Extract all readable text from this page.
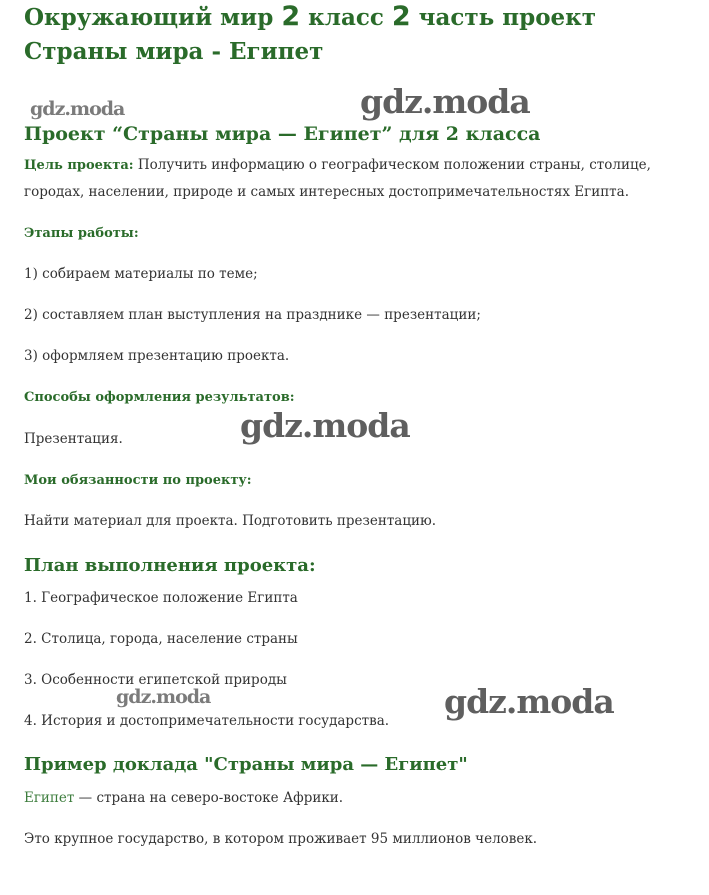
Окружающий мир 2 класс 2 часть проект Страны мира - Египет
gdz.moda	gdz.moda
Проект “Страны мира — Египет” для 2 класса

Цель проекта: Получить информацию о географическом положении страны, столице, городах, населении, природе и самых интересных достопримечательностях Египта.

Этапы работы:

1) собираем материалы по теме;

2) составляем план выступления на празднике — презентации;

3) оформляем презентацию проекта.

Способы оформления результатов:
gdz.moda

Презентация.

Мои обязанности по проекту:

Найти материал для проекта. Подготовить презентацию.

План выполнения проекта:

1. Географическое положение Египта

2. Столица, города, население страны

3. Особенности египетской природы

gdz.moda	gdz.moda

4. История и достопримечательности государства.

Пример доклада "Страны мира — Египет"

Египет — страна на северо-востоке Африки.

Это крупное государство, в котором проживает 95 миллионов человек.
